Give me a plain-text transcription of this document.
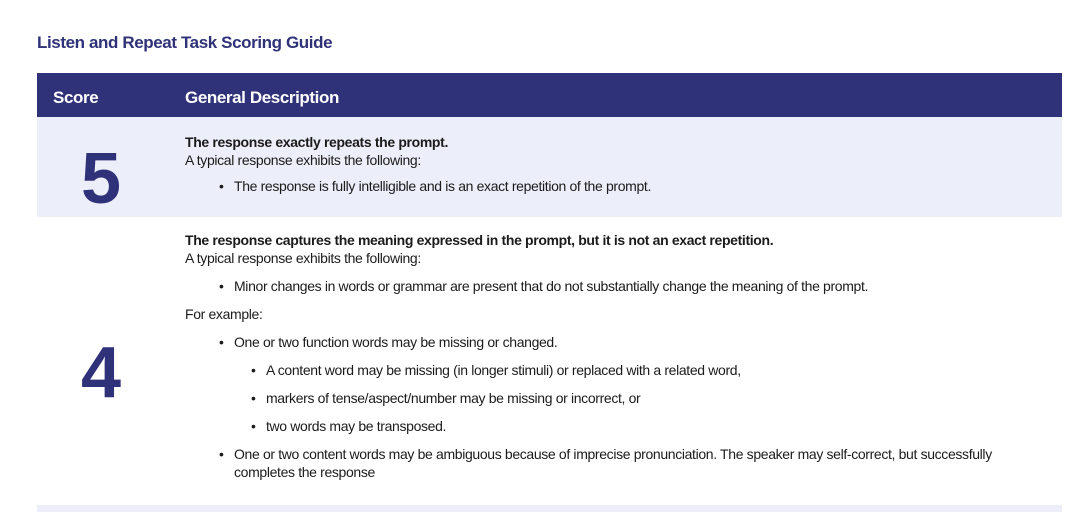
Listen and Repeat Task Scoring Guide
Score	General Description
5	The response exactly repeats the prompt.

A typical response exhibits the following:

• The response is fully intelligible and is an exact repetition of the prompt.
4

The response captures the meaning expressed in the prompt, but it is not an exact repetition.

A typical response exhibits the following:

• Minor changes in words or grammar are present that do not substantially change the meaning of the prompt.

For example:

• One or two function words may be missing or changed.
• A content word may be missing (in longer stimuli) or replaced with a related word,
• markers of tense/aspect/number may be missing or incorrect, or
• two words may be transposed.
• One or two content words may be ambiguous because of imprecise pronunciation. The speaker may self-correct, but successfully completes the response
